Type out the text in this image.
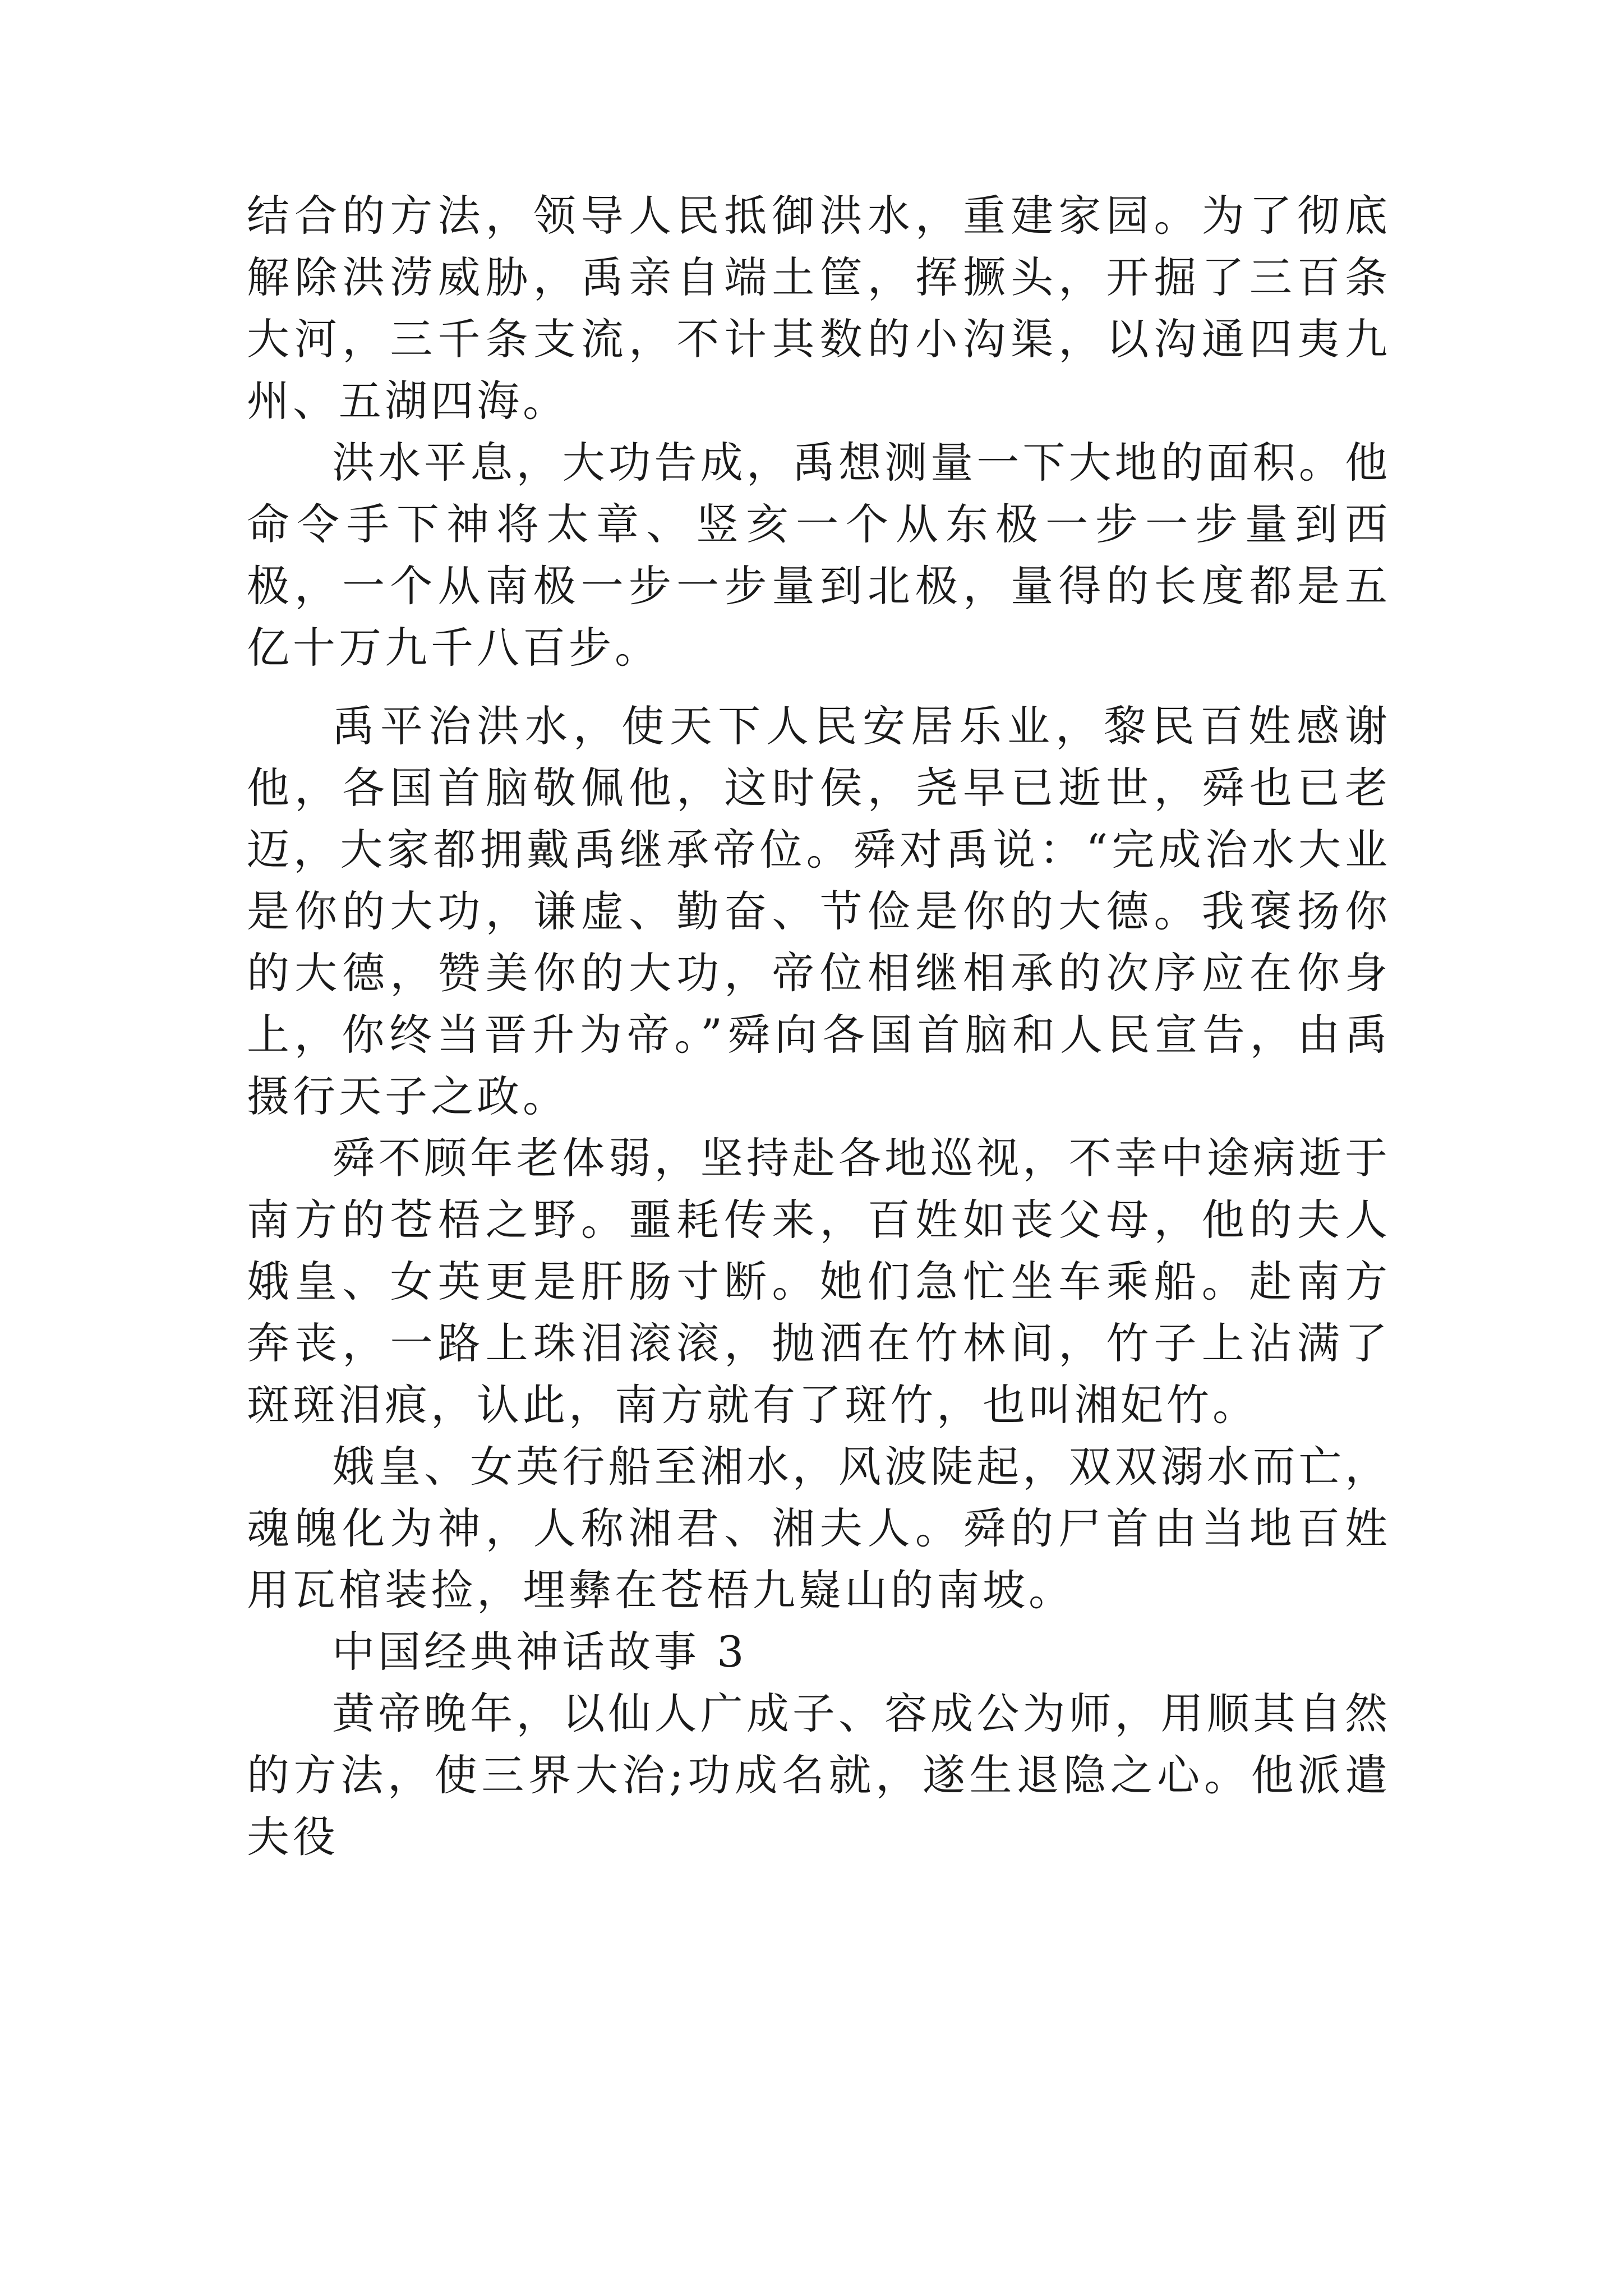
结合的方法，领导人民抵御洪水，重建家园。为了彻底解除洪涝威胁，禹亲自端土筐，挥撅头，开掘了三百条大河，三千条支流，不计其数的小沟渠，以沟通四夷九州、五湖四海。

洪水平息，大功告成，禹想测量一下大地的面积。他命令手下神将太章、竖亥一个从东极一步一步量到西极，一个从南极一步一步量到北极，量得的长度都是五亿十万九千八百步。

禹平治洪水，使天下人民安居乐业，黎民百姓感谢他，各国首脑敬佩他，这时侯，尧早已逝世，舜也已老迈，大家都拥戴禹继承帝位。舜对禹说：“完成治水大业是你的大功，谦虚、勤奋、节俭是你的大德。我褒扬你的大德，赞美你的大功，帝位相继相承的次序应在你身上，你终当晋升为帝。”舜向各国首脑和人民宣告，由禹摄行天子之政。

舜不顾年老体弱，坚持赴各地巡视，不幸中途病逝于南方的苍梧之野。噩耗传来，百姓如丧父母，他的夫人娥皇、女英更是肝肠寸断。她们急忙坐车乘船。赴南方奔丧，一路上珠泪滚滚，抛洒在竹林间，竹子上沾满了斑斑泪痕，认此，南方就有了斑竹，也叫湘妃竹。

娥皇、女英行船至湘水，风波陡起，双双溺水而亡，魂魄化为神，人称湘君、湘夫人。舜的尸首由当地百姓用瓦棺装捡，埋彝在苍梧九嶷山的南坡。

中国经典神话故事 3

黄帝晚年，以仙人广成子、容成公为师，用顺其自然的方法，使三界大治;功成名就，遂生退隐之心。他派遣夫役
